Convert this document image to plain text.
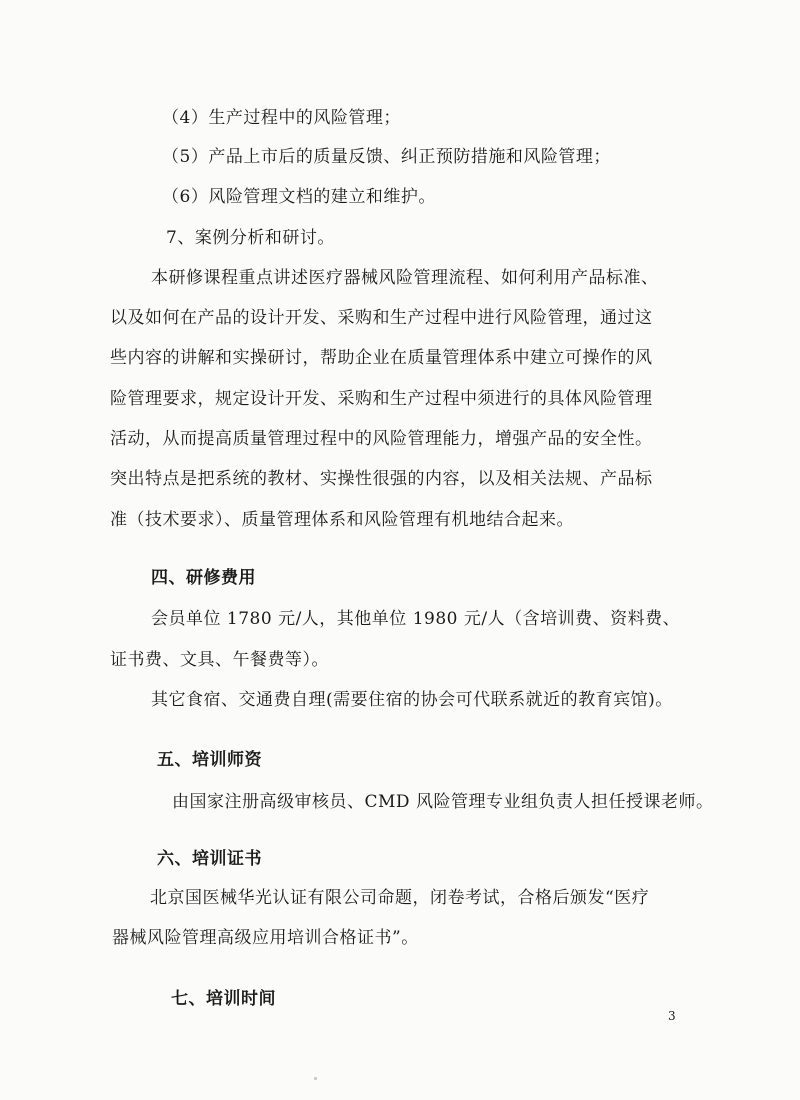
（4）生产过程中的风险管理；
（5）产品上市后的质量反馈、纠正预防措施和风险管理；
（6）风险管理文档的建立和维护。
7、案例分析和研讨。
本研修课程重点讲述医疗器械风险管理流程、如何利用产品标准、
以及如何在产品的设计开发、采购和生产过程中进行风险管理，通过这
些内容的讲解和实操研讨，帮助企业在质量管理体系中建立可操作的风
险管理要求，规定设计开发、采购和生产过程中须进行的具体风险管理
活动，从而提高质量管理过程中的风险管理能力，增强产品的安全性。
突出特点是把系统的教材、实操性很强的内容，以及相关法规、产品标
准（技术要求）、质量管理体系和风险管理有机地结合起来。
四、研修费用
会员单位 1780 元/人，其他单位 1980 元/人（含培训费、资料费、
证书费、文具、午餐费等）。
其它食宿、交通费自理(需要住宿的协会可代联系就近的教育宾馆)。
五、培训师资
由国家注册高级审核员、CMD 风险管理专业组负责人担任授课老师。
六、培训证书
北京国医械华光认证有限公司命题，闭卷考试，合格后颁发“医疗
器械风险管理高级应用培训合格证书”。
七、培训时间
3
